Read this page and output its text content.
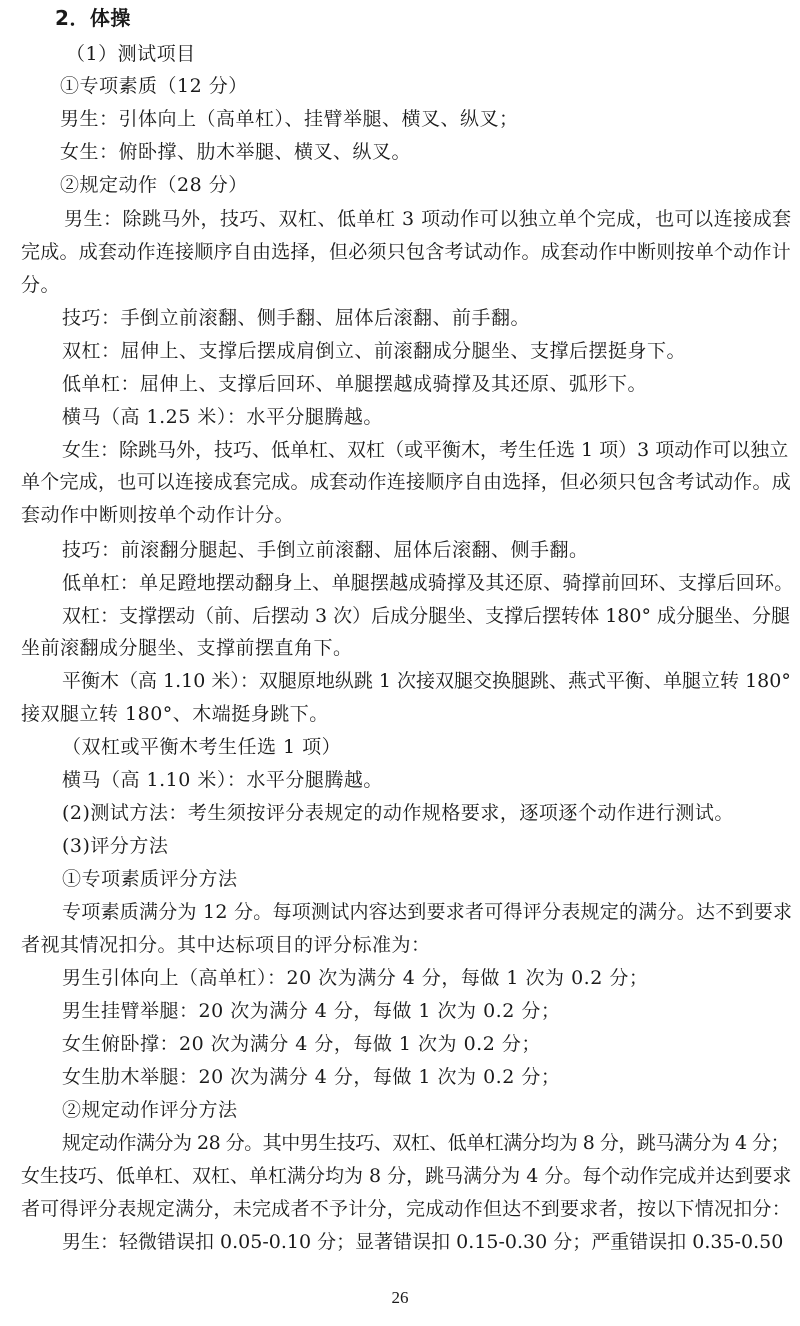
2．体操
（1）测试项目
①专项素质（12 分）
男生：引体向上（高单杠）、挂臂举腿、横叉、纵叉；
女生：俯卧撑、肋木举腿、横叉、纵叉。
②规定动作（28 分）
男生：除跳马外，技巧、双杠、低单杠 3 项动作可以独立单个完成，也可以连接成套
完成。成套动作连接顺序自由选择，但必须只包含考试动作。成套动作中断则按单个动作计
分。
技巧：手倒立前滚翻、侧手翻、屈体后滚翻、前手翻。
双杠：屈伸上、支撑后摆成肩倒立、前滚翻成分腿坐、支撑后摆挺身下。
低单杠：屈伸上、支撑后回环、单腿摆越成骑撑及其还原、弧形下。
横马（高 1.25 米）：水平分腿腾越。
女生：除跳马外，技巧、低单杠、双杠（或平衡木，考生任选 1 项）3 项动作可以独立
单个完成，也可以连接成套完成。成套动作连接顺序自由选择，但必须只包含考试动作。成
套动作中断则按单个动作计分。
技巧：前滚翻分腿起、手倒立前滚翻、屈体后滚翻、侧手翻。
低单杠：单足蹬地摆动翻身上、单腿摆越成骑撑及其还原、骑撑前回环、支撑后回环。
双杠：支撑摆动（前、后摆动 3 次）后成分腿坐、支撑后摆转体 180° 成分腿坐、分腿
坐前滚翻成分腿坐、支撑前摆直角下。
平衡木（高 1.10 米）：双腿原地纵跳 1 次接双腿交换腿跳、燕式平衡、单腿立转 180°
接双腿立转 180°、木端挺身跳下。
（双杠或平衡木考生任选 1 项）
横马（高 1.10 米）：水平分腿腾越。
(2)测试方法：考生须按评分表规定的动作规格要求，逐项逐个动作进行测试。
(3)评分方法
①专项素质评分方法
专项素质满分为 12 分。每项测试内容达到要求者可得评分表规定的满分。达不到要求
者视其情况扣分。其中达标项目的评分标准为：
男生引体向上（高单杠）：20 次为满分 4 分，每做 1 次为 0.2 分；
男生挂臂举腿：20 次为满分 4 分，每做 1 次为 0.2 分；
女生俯卧撑：20 次为满分 4 分，每做 1 次为 0.2 分；
女生肋木举腿：20 次为满分 4 分，每做 1 次为 0.2 分；
②规定动作评分方法
规定动作满分为 28 分。其中男生技巧、双杠、低单杠满分均为 8 分，跳马满分为 4 分；
女生技巧、低单杠、双杠、单杠满分均为 8 分，跳马满分为 4 分。每个动作完成并达到要求
者可得评分表规定满分，未完成者不予计分，完成动作但达不到要求者，按以下情况扣分：
男生：轻微错误扣 0.05-0.10 分；显著错误扣 0.15-0.30 分；严重错误扣 0.35-0.50
26
